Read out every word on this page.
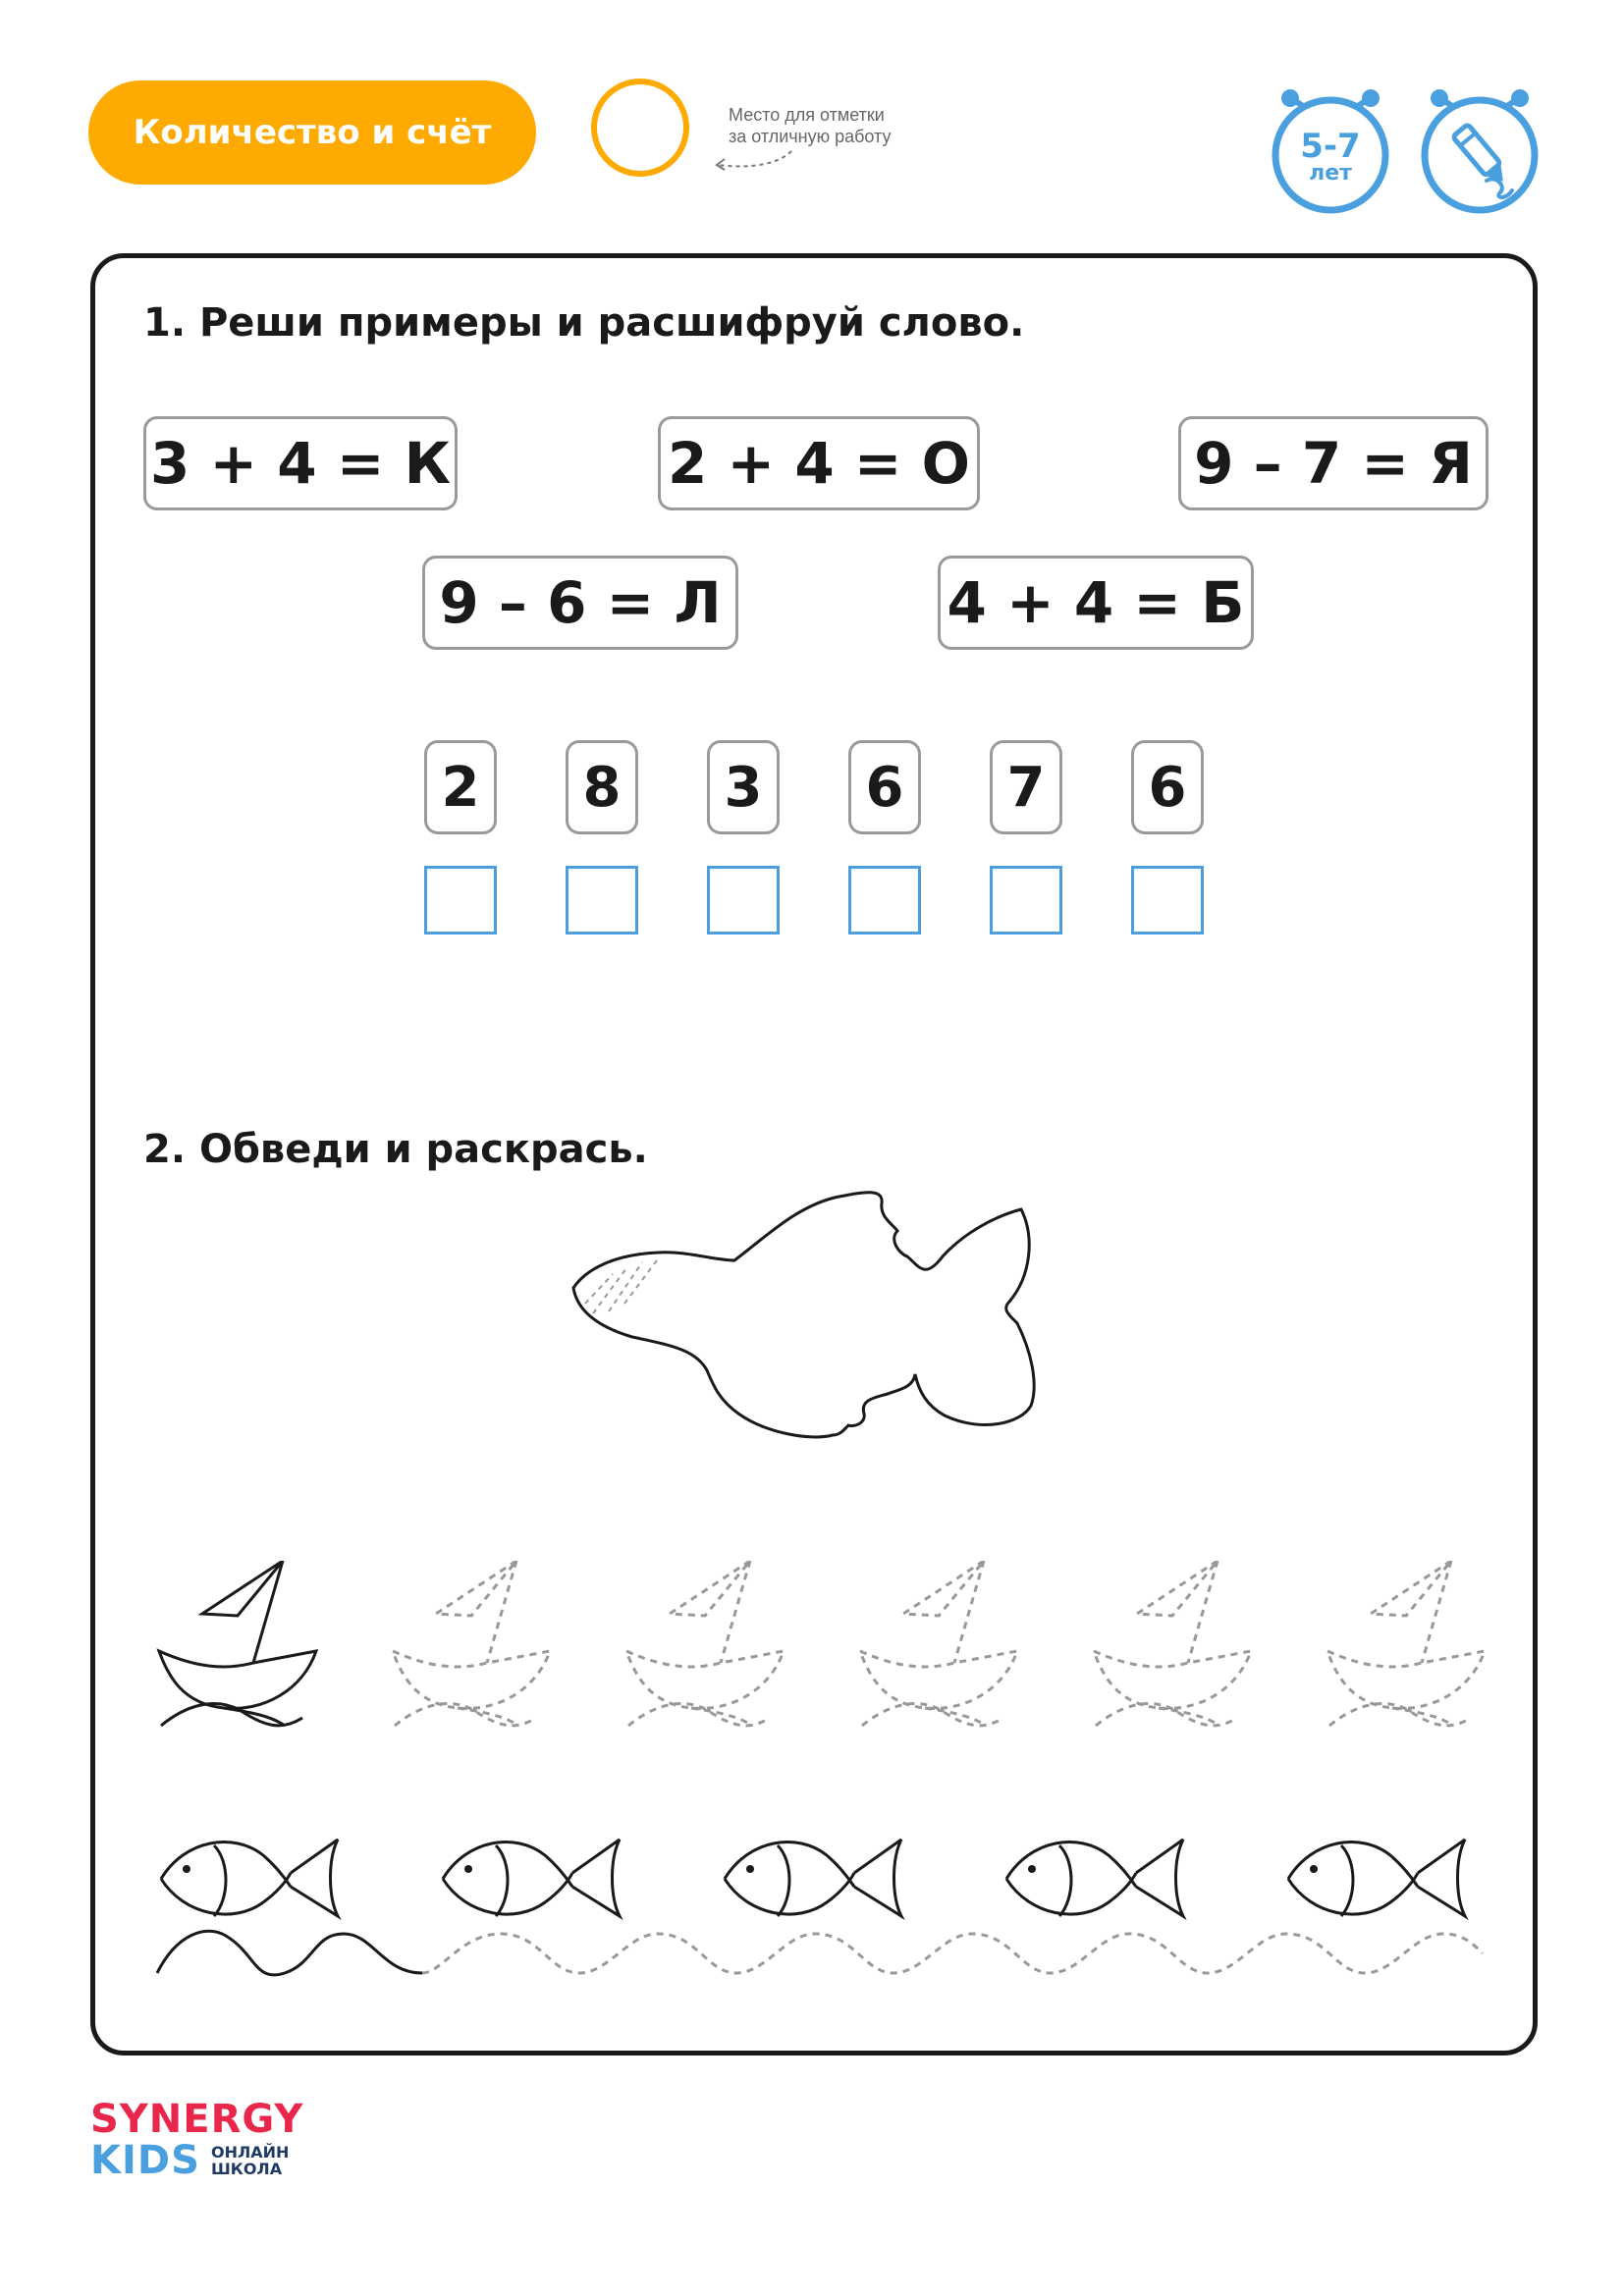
Количество и счёт	Место для отметки
за отличную работу	5-7
лет
1. Реши примеры и расшифруй слово.
3 + 4 = К	2 + 4 = О	9 – 7 = Я
9 – 6 = Л	4 + 4 = Б
2	8	3	6	7	6
2. Обведи и раскрась.
SYNERGY
KIDS ОНЛАЙН
ШКОЛА
